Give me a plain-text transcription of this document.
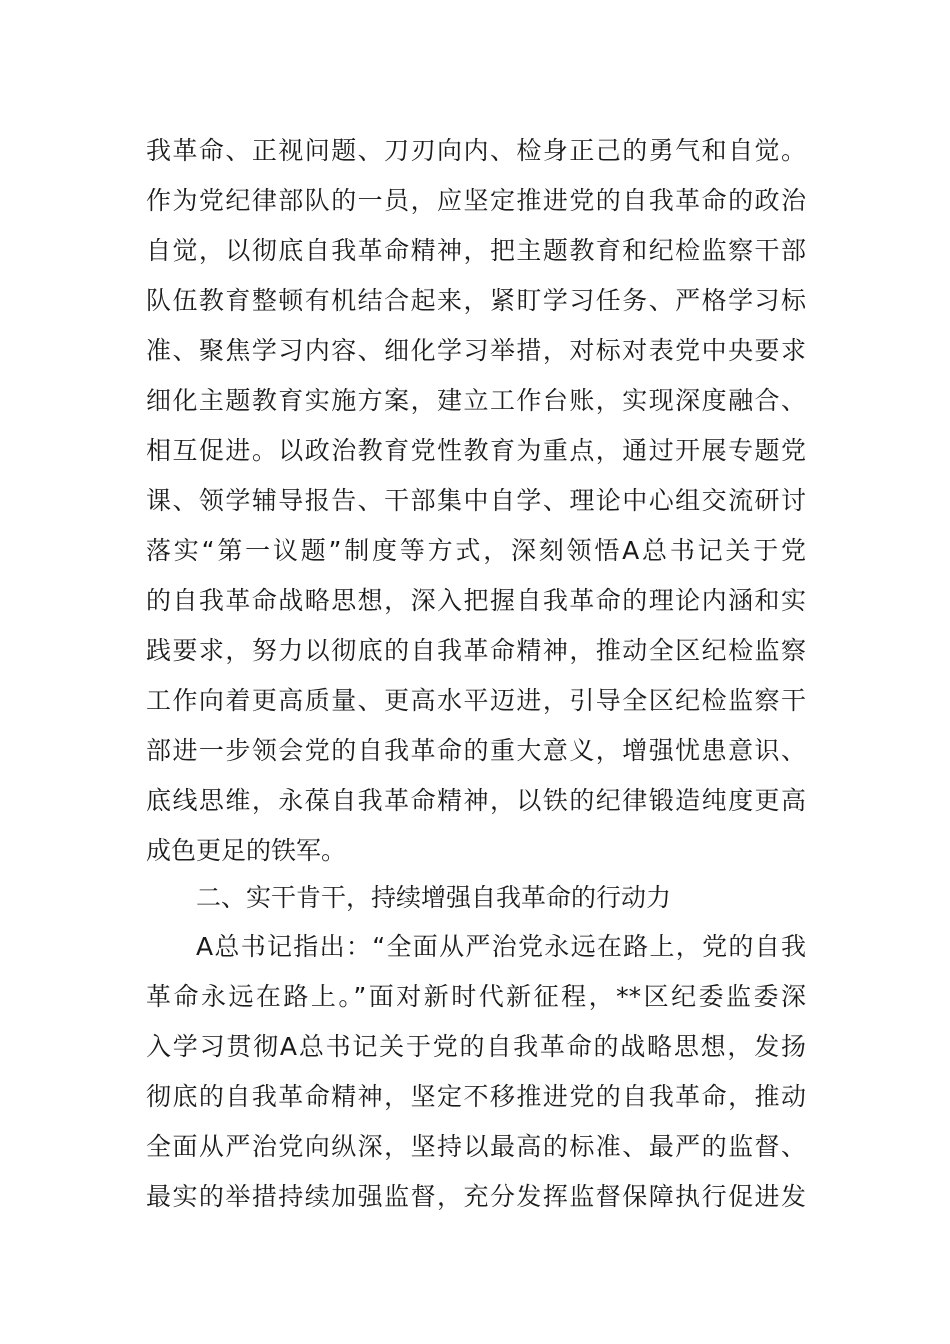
我革命、正视问题、刀刃向内、检身正己的勇气和自觉。
作为党纪律部队的一员，应坚定推进党的自我革命的政治
自觉，以彻底自我革命精神，把主题教育和纪检监察干部
队伍教育整顿有机结合起来，紧盯学习任务、严格学习标
准、聚焦学习内容、细化学习举措，对标对表党中央要求
细化主题教育实施方案，建立工作台账，实现深度融合、
相互促进。以政治教育党性教育为重点，通过开展专题党
课、领学辅导报告、干部集中自学、理论中心组交流研讨
落实“第一议题”制度等方式，深刻领悟A总书记关于党
的自我革命战略思想，深入把握自我革命的理论内涵和实
践要求，努力以彻底的自我革命精神，推动全区纪检监察
工作向着更高质量、更高水平迈进，引导全区纪检监察干
部进一步领会党的自我革命的重大意义，增强忧患意识、
底线思维，永葆自我革命精神，以铁的纪律锻造纯度更高
成色更足的铁军。
二、实干肯干，持续增强自我革命的行动力
A总书记指出：“全面从严治党永远在路上，党的自我
革命永远在路上。”面对新时代新征程，**区纪委监委深
入学习贯彻A总书记关于党的自我革命的战略思想，发扬
彻底的自我革命精神，坚定不移推进党的自我革命，推动
全面从严治党向纵深，坚持以最高的标准、最严的监督、
最实的举措持续加强监督，充分发挥监督保障执行促进发
